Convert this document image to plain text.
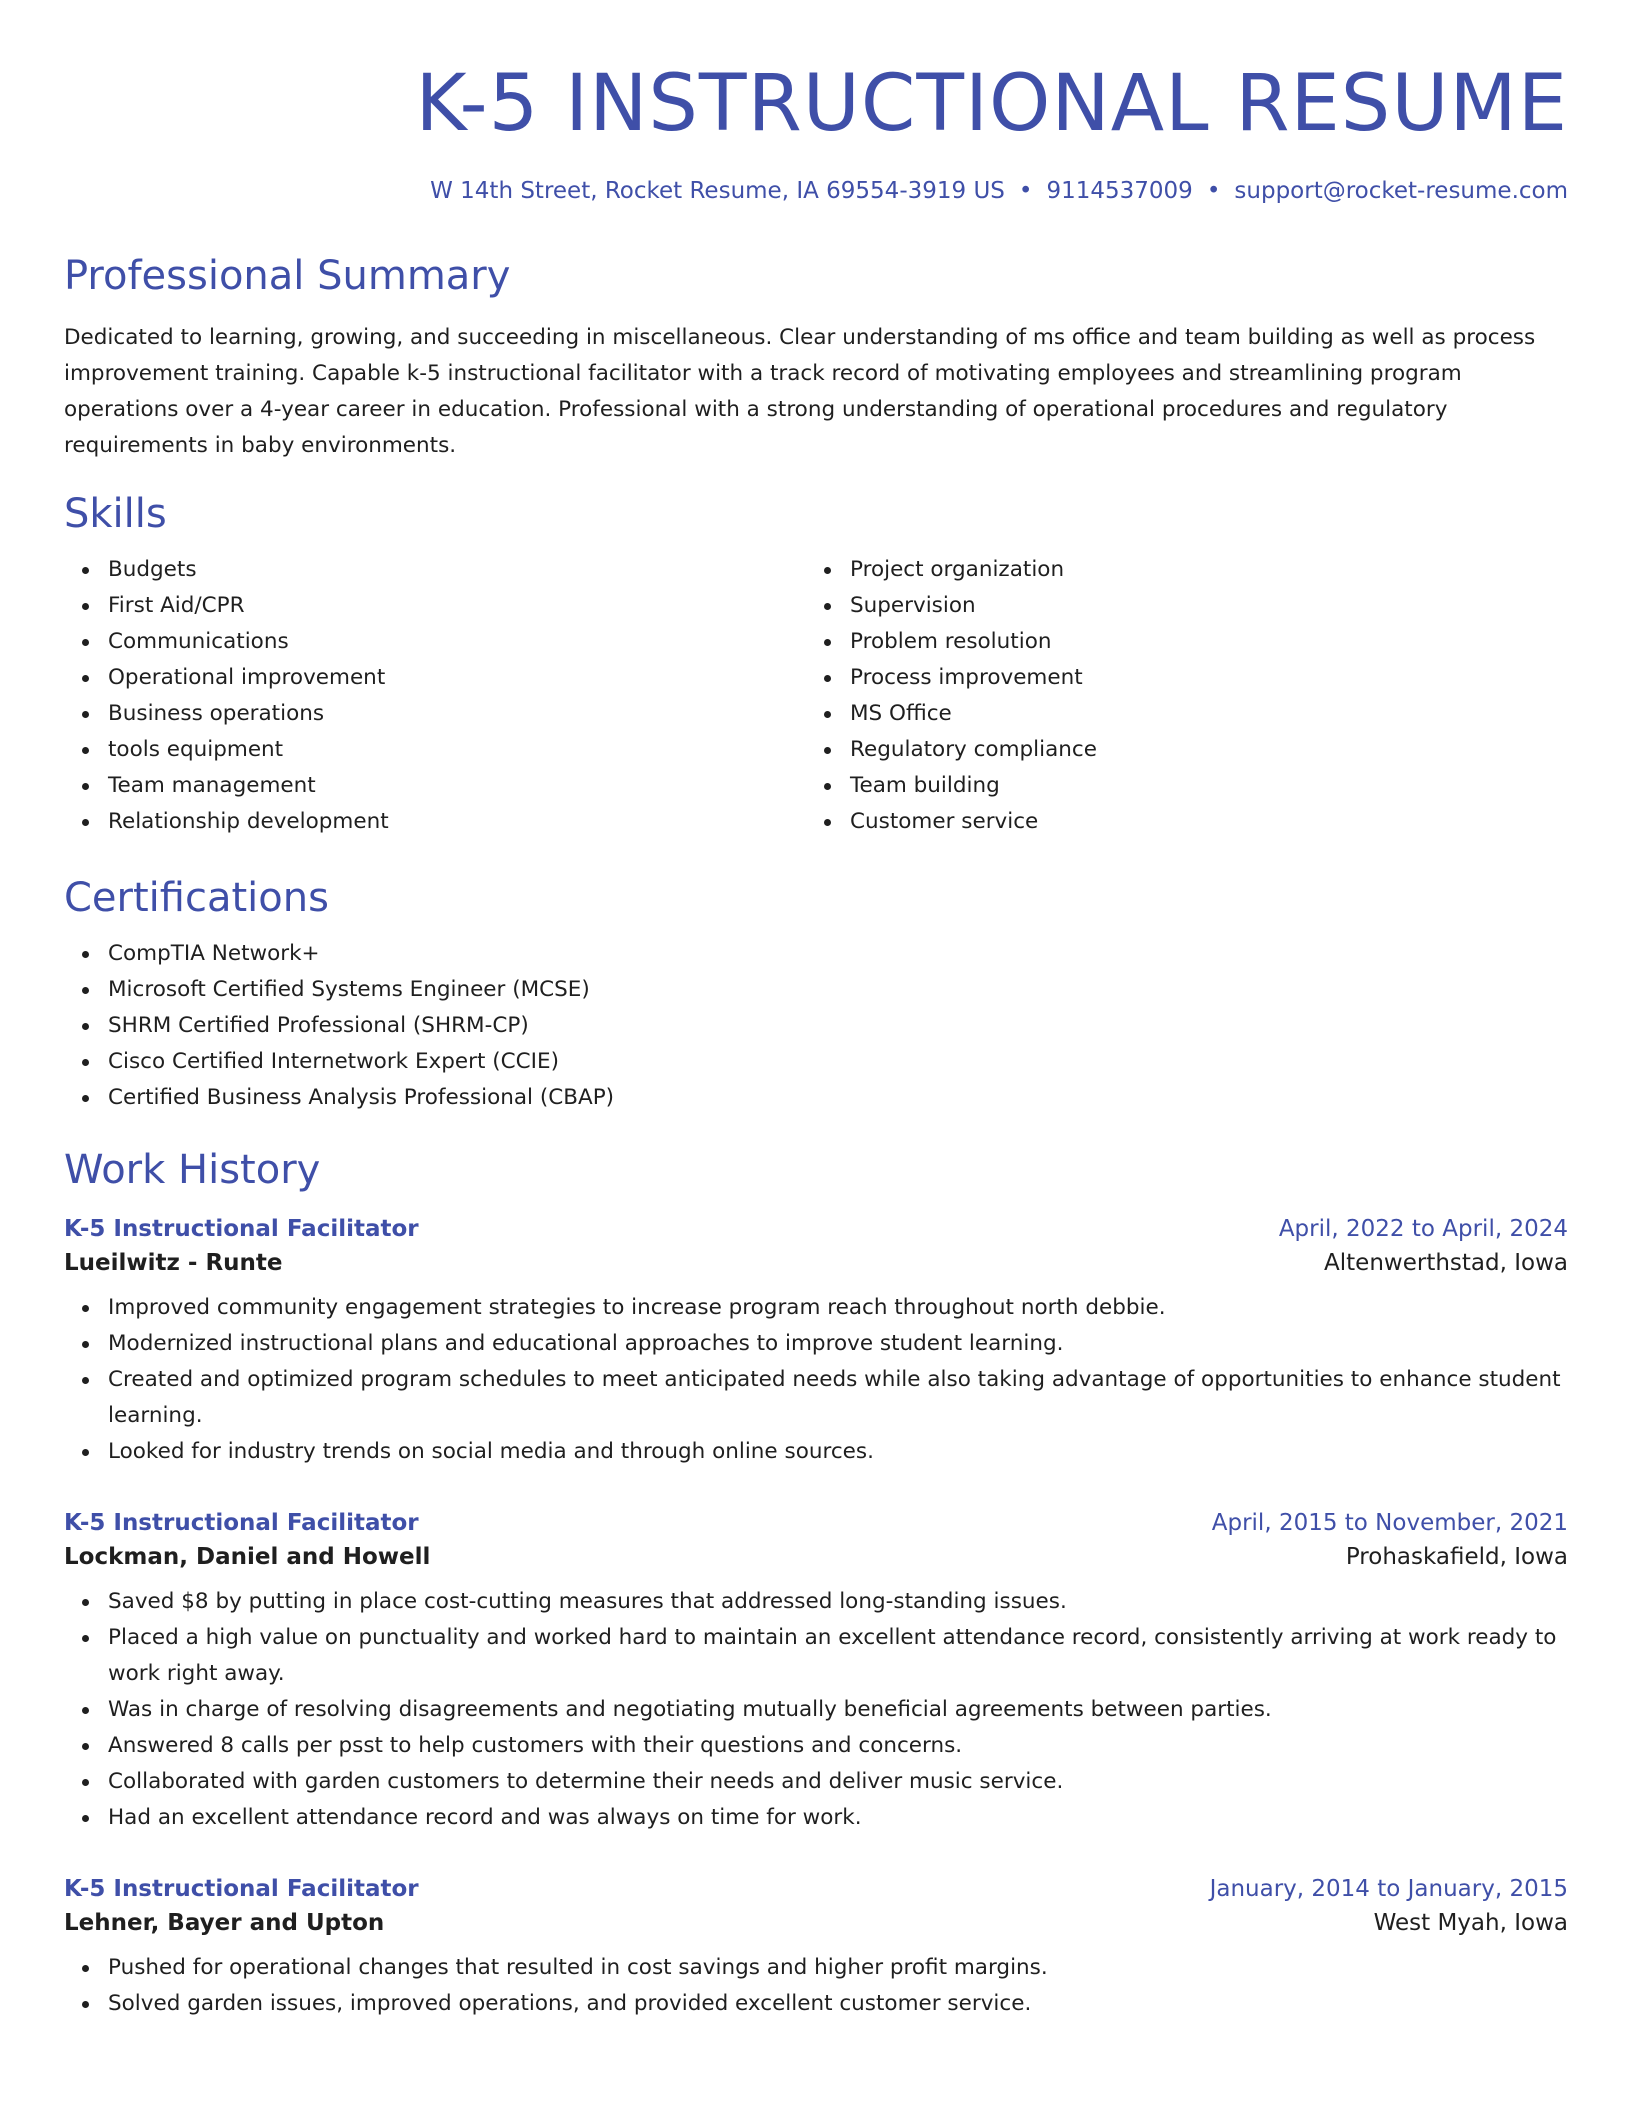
K-5 INSTRUCTIONAL RESUME
W 14th Street, Rocket Resume, IA 69554-3919 US • 9114537009 • support@rocket-resume.com
Professional Summary
Dedicated to learning, growing, and succeeding in miscellaneous. Clear understanding of ms office and team building as well as process improvement training. Capable k-5 instructional facilitator with a track record of motivating employees and streamlining program operations over a 4-year career in education. Professional with a strong understanding of operational procedures and regulatory requirements in baby environments.
Skills
Budgets
First Aid/CPR
Communications
Operational improvement
Business operations
tools equipment
Team management
Relationship development
Project organization
Supervision
Problem resolution
Process improvement
MS Office
Regulatory compliance
Team building
Customer service
Certifications
CompTIA Network+
Microsoft Certified Systems Engineer (MCSE)
SHRM Certified Professional (SHRM-CP)
Cisco Certified Internetwork Expert (CCIE)
Certified Business Analysis Professional (CBAP)
Work History
K-5 Instructional Facilitator	April, 2022 to April, 2024
Lueilwitz - Runte	Altenwerthstad, Iowa
Improved community engagement strategies to increase program reach throughout north debbie.
Modernized instructional plans and educational approaches to improve student learning.
Created and optimized program schedules to meet anticipated needs while also taking advantage of opportunities to enhance student learning.
Looked for industry trends on social media and through online sources.
K-5 Instructional Facilitator	April, 2015 to November, 2021
Lockman, Daniel and Howell	Prohaskafield, Iowa
Saved $8 by putting in place cost-cutting measures that addressed long-standing issues.
Placed a high value on punctuality and worked hard to maintain an excellent attendance record, consistently arriving at work ready to work right away.
Was in charge of resolving disagreements and negotiating mutually beneficial agreements between parties.
Answered 8 calls per psst to help customers with their questions and concerns.
Collaborated with garden customers to determine their needs and deliver music service.
Had an excellent attendance record and was always on time for work.
K-5 Instructional Facilitator	January, 2014 to January, 2015
Lehner, Bayer and Upton	West Myah, Iowa
Pushed for operational changes that resulted in cost savings and higher profit margins.
Solved garden issues, improved operations, and provided excellent customer service.
